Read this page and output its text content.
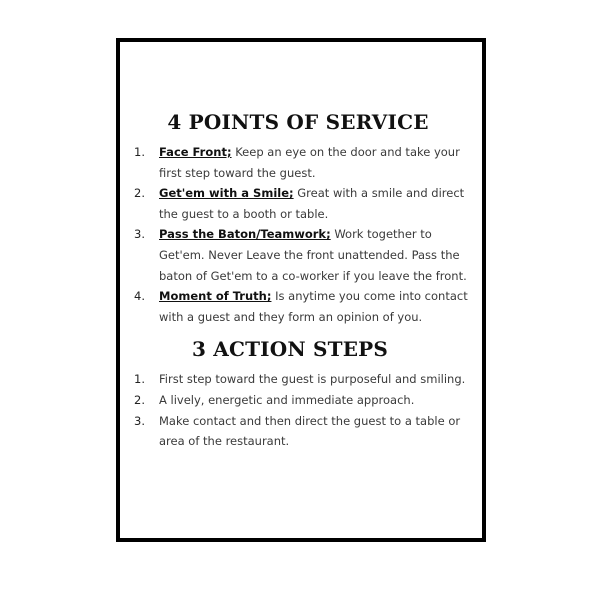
4 POINTS OF SERVICE
1. Face Front; Keep an eye on the door and take your first step toward the guest.
2. Get'em with a Smile; Great with a smile and direct the guest to a booth or table.
3. Pass the Baton/Teamwork; Work together to Get'em. Never Leave the front unattended. Pass the baton of Get'em to a co-worker if you leave the front.
4. Moment of Truth; Is anytime you come into contact with a guest and they form an opinion of you.
3 ACTION STEPS
1. First step toward the guest is purposeful and smiling.
2. A lively, energetic and immediate approach.
3. Make contact and then direct the guest to a table or area of the restaurant.
